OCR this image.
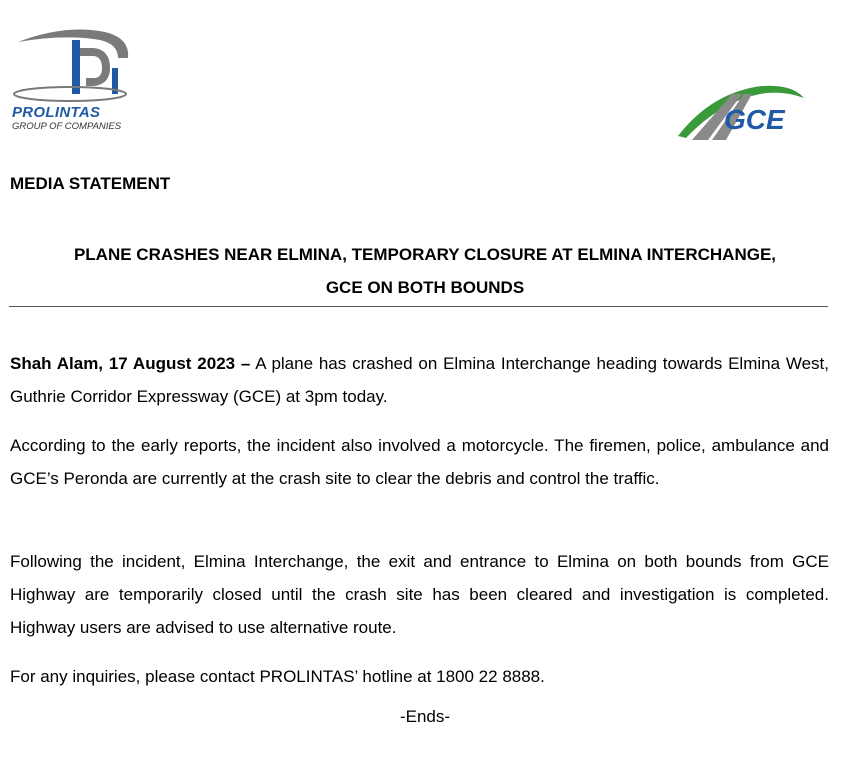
PROLINTAS
GROUP OF COMPANIES	GCE
MEDIA STATEMENT
PLANE CRASHES NEAR ELMINA, TEMPORARY CLOSURE AT ELMINA INTERCHANGE,
GCE ON BOTH BOUNDS
Shah Alam, 17 August 2023 – A plane has crashed on Elmina Interchange heading towards Elmina West, Guthrie Corridor Expressway (GCE) at 3pm today.
According to the early reports, the incident also involved a motorcycle. The firemen, police, ambulance and GCE’s Peronda are currently at the crash site to clear the debris and control the traffic.
Following the incident, Elmina Interchange, the exit and entrance to Elmina on both bounds from GCE Highway are temporarily closed until the crash site has been cleared and investigation is completed. Highway users are advised to use alternative route.
For any inquiries, please contact PROLINTAS’ hotline at 1800 22 8888.
-Ends-
